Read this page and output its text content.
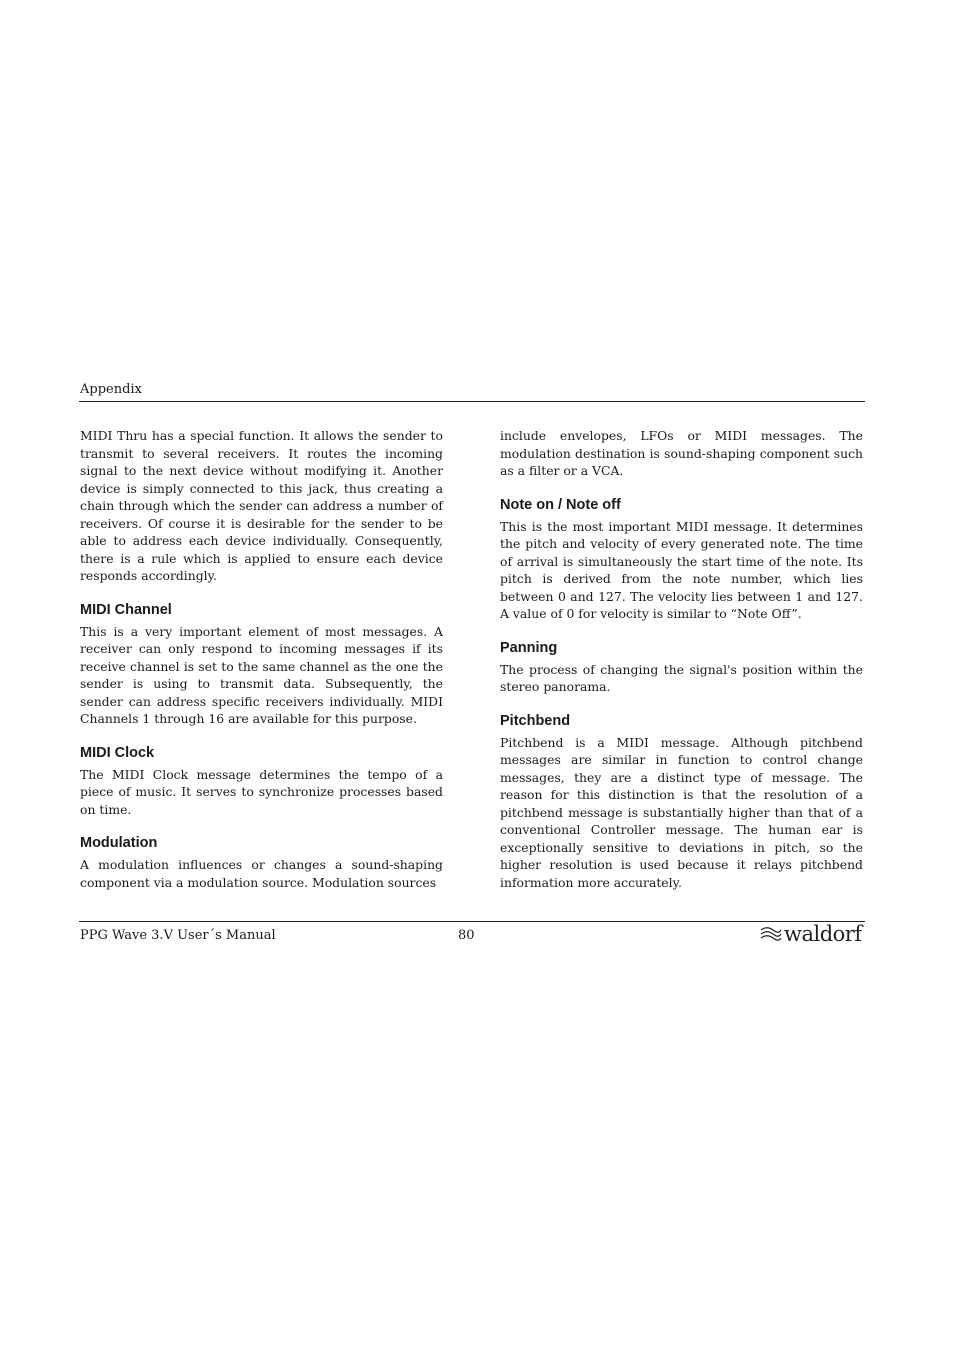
Appendix

MIDI Thru has a special function. It allows the sender to transmit to several receivers. It routes the incoming signal to the next device without modifying it. Another device is simply connected to this jack, thus creating a chain through which the sender can address a number of receivers. Of course it is desirable for the sender to be able to address each device individually. Consequently, there is a rule which is applied to ensure each device responds accordingly.

MIDI Channel

This is a very important element of most messages. A receiver can only respond to incoming messages if its receive channel is set to the same channel as the one the sender is using to transmit data. Subsequently, the sender can address specific receivers individually. MIDI Channels 1 through 16 are available for this purpose.

MIDI Clock

The MIDI Clock message determines the tempo of a piece of music. It serves to synchronize processes based on time.

Modulation

A modulation influences or changes a sound-shaping component via a modulation source. Modulation sources

include envelopes, LFOs or MIDI messages. The modulation destination is sound-shaping component such as a filter or a VCA.

Note on / Note off

This is the most important MIDI message. It determines the pitch and velocity of every generated note. The time of arrival is simultaneously the start time of the note. Its pitch is derived from the note number, which lies between 0 and 127. The velocity lies between 1 and 127. A value of 0 for velocity is similar to “Note Off”.

Panning

The process of changing the signal's position within the stereo panorama.

Pitchbend

Pitchbend is a MIDI message. Although pitchbend messages are similar in function to control change messages, they are a distinct type of message. The reason for this distinction is that the resolution of a pitchbend message is substantially higher than that of a conventional Controller message. The human ear is exceptionally sensitive to deviations in pitch, so the higher resolution is used because it relays pitchbend information more accurately.

PPG Wave 3.V User´s Manual	80	waldorf
